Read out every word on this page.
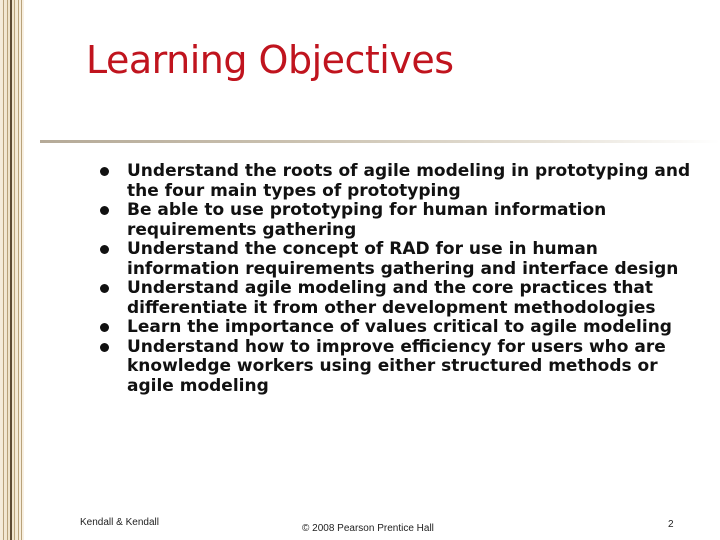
Learning Objectives
Understand the roots of agile modeling in prototyping and the four main types of prototyping
Be able to use prototyping for human information requirements gathering
Understand the concept of RAD for use in human information requirements gathering and interface design
Understand agile modeling and the core practices that differentiate it from other development methodologies
Learn the importance of values critical to agile modeling
Understand how to improve efficiency for users who are knowledge workers using either structured methods or agile modeling
Kendall & Kendall
© 2008 Pearson Prentice Hall	2
